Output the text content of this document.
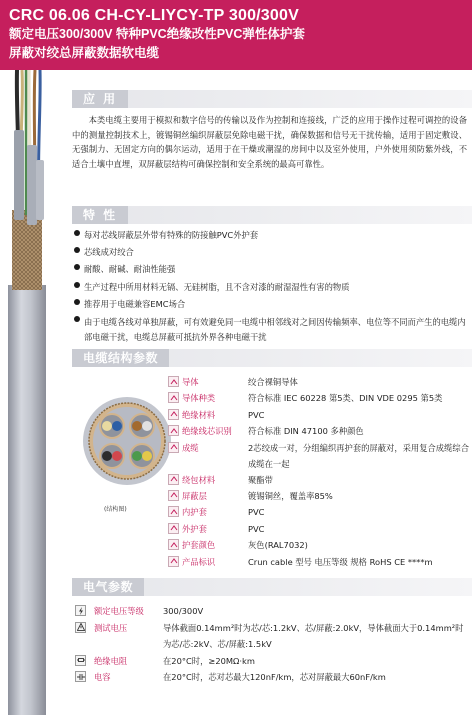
CRC 06.06 CH-CY-LIYCY-TP 300/300V
额定电压300/300V 特种PVC绝缘改性PVC弹性体护套
屏蔽对绞总屏蔽数据软电缆
应 用

本类电缆主要用于模拟和数字信号的传输以及作为控制和连接线，广泛的应用于操作过程可调控的设备中的测量控制技术上，镀锡铜丝编织屏蔽层免除电磁干扰，确保数据和信号无干扰传输，适用于固定敷设、无强制力、无固定方向的偶尔运动，适用于在干燥或潮湿的房间中以及室外使用，户外使用须防紫外线，不适合土壤中直埋，双屏蔽层结构可确保控制和安全系统的最高可靠性。

特 性
每对芯线屏蔽层外带有特殊的防接触PVC外护套
芯线成对绞合
耐酸、耐碱、耐油性能强
生产过程中所用材料无镉、无硅树脂，且不含对漆的耐湿湿性有害的物质
推荐用于电磁兼容EMC场合
由于电缆各线对单独屏蔽，可有效避免同一电缆中相邻线对之间因传输频率、电位等不同而产生的电缆内部电磁干扰，电缆总屏蔽可抵抗外界各种电磁干扰
电缆结构参数
(结构图)
导体	绞合裸铜导体
导体种类	符合标准 IEC 60228 第5类、DIN VDE 0295 第5类
绝缘材料	PVC
绝缘线芯识别 符合标准 DIN 47100 多种颜色
成缆	2芯绞成一对，分组编织再护套的屏蔽对，采用复合成缆综合成缆在一起
绕包材料	聚酯带
屏蔽层	镀锡铜丝，覆盖率85%
内护套	PVC
外护套	PVC
护套颜色	灰色(RAL7032)
产品标识	Crun cable 型号 电压等级 规格 RoHS CE ****m
电气参数
额定电压等级 300/300V
测试电压	导体截面0.14mm²时为芯/芯:1.2kV、芯/屏蔽:2.0kV，导体截面大于0.14mm²时为芯/芯:2kV、芯/屏蔽:1.5kV
绝缘电阻	在20°C时，≥20MΩ·km
电容	在20°C时，芯对芯最大120nF/km，芯对屏蔽最大60nF/km
